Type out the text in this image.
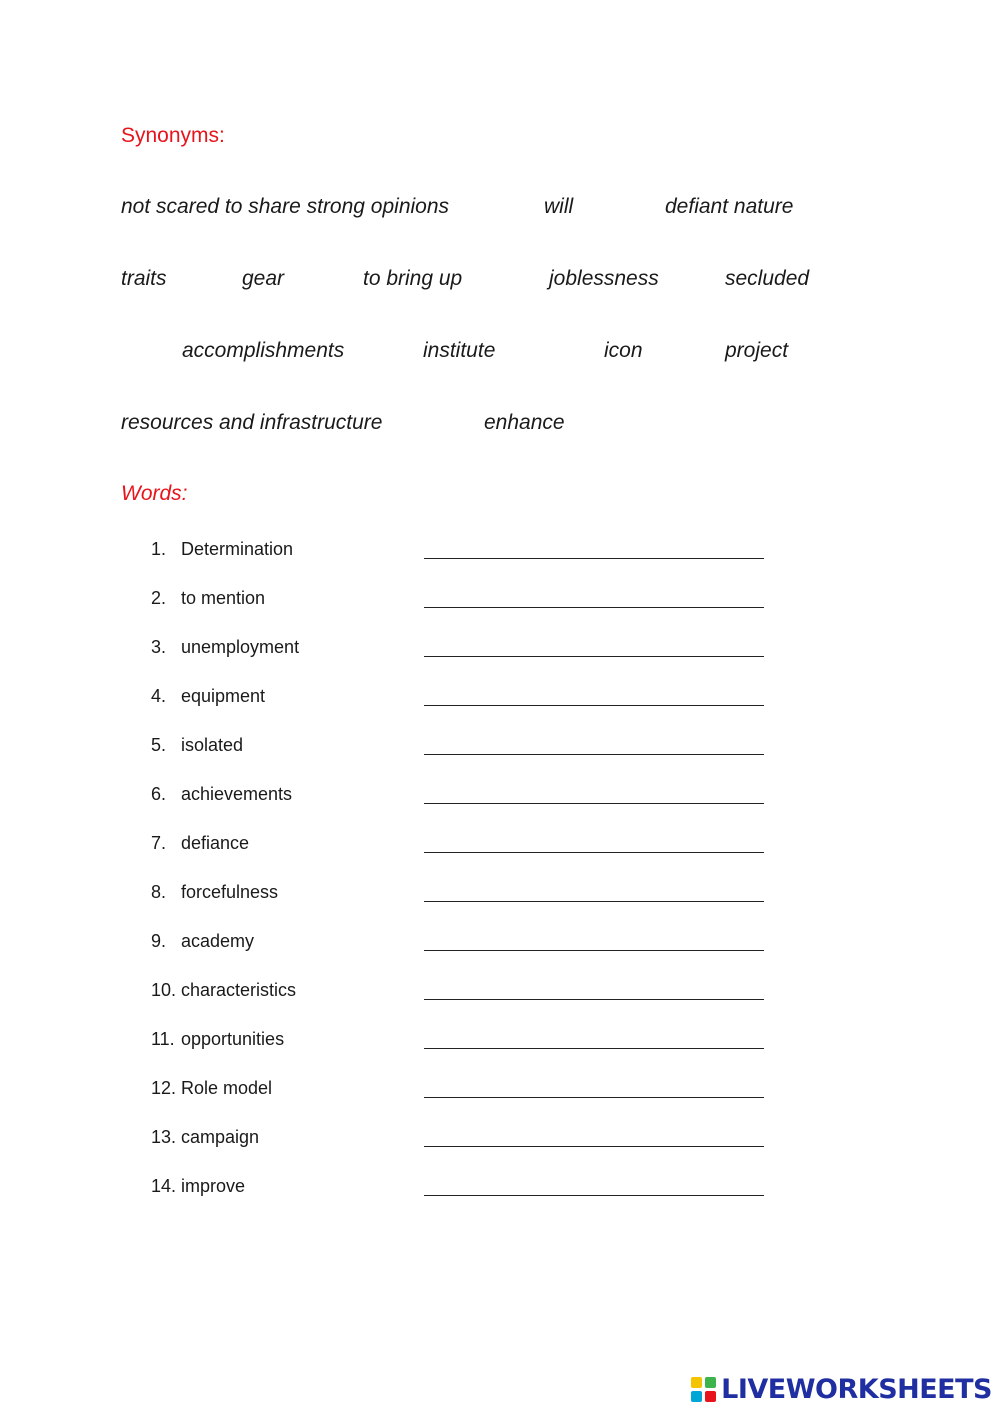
Synonyms:
not scared to share strong opinions	will	defiant nature
traits	gear	to bring up	joblessness	secluded
accomplishments	institute	icon	project
resources and infrastructure	enhance
Words:
1. Determination
2. to mention
3. unemployment
4. equipment
5. isolated
6. achievements
7. defiance
8. forcefulness
9. academy
10. characteristics
11. opportunities
12. Role model
13. campaign
14. improve
LIVEWORKSHEETS
